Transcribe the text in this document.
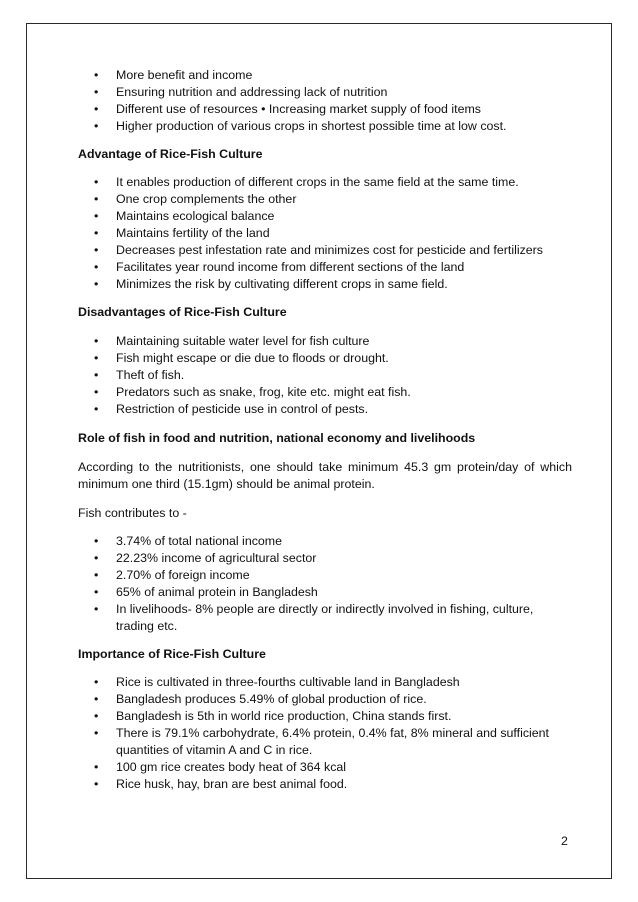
• More benefit and income
• Ensuring nutrition and addressing lack of nutrition
• Different use of resources • Increasing market supply of food items
• Higher production of various crops in shortest possible time at low cost.
Advantage of Rice-Fish Culture
• It enables production of different crops in the same field at the same time.
• One crop complements the other
• Maintains ecological balance
• Maintains fertility of the land
• Decreases pest infestation rate and minimizes cost for pesticide and fertilizers
• Facilitates year round income from different sections of the land
• Minimizes the risk by cultivating different crops in same field.
Disadvantages of Rice-Fish Culture
• Maintaining suitable water level for fish culture
• Fish might escape or die due to floods or drought.
• Theft of fish.
• Predators such as snake, frog, kite etc. might eat fish.
• Restriction of pesticide use in control of pests.
Role of fish in food and nutrition, national economy and livelihoods

According to the nutritionists, one should take minimum 45.3 gm protein/day of which minimum one third (15.1gm) should be animal protein.

Fish contributes to -

• 3.74% of total national income
• 22.23% income of agricultural sector
• 2.70% of foreign income
• 65% of animal protein in Bangladesh
• In livelihoods- 8% people are directly or indirectly involved in fishing, culture, trading etc.
Importance of Rice-Fish Culture
• Rice is cultivated in three-fourths cultivable land in Bangladesh
• Bangladesh produces 5.49% of global production of rice.
• Bangladesh is 5th in world rice production, China stands first.
• There is 79.1% carbohydrate, 6.4% protein, 0.4% fat, 8% mineral and sufficient quantities of vitamin A and C in rice.
• 100 gm rice creates body heat of 364 kcal
• Rice husk, hay, bran are best animal food.
2
